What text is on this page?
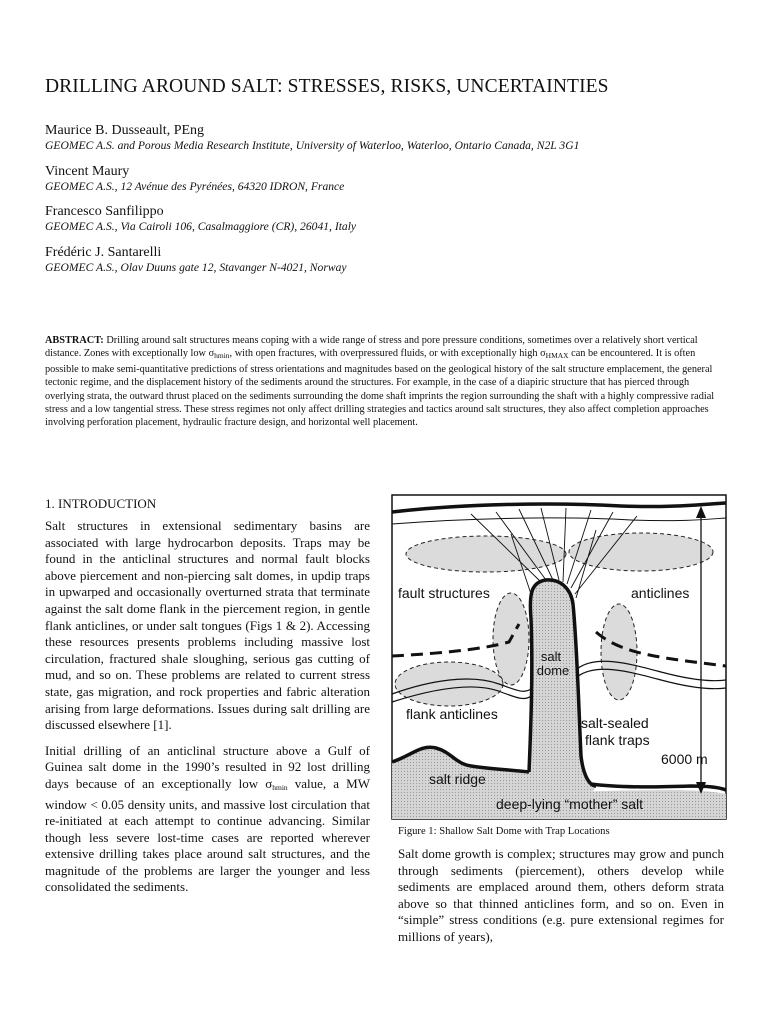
DRILLING AROUND SALT: STRESSES, RISKS, UNCERTAINTIES
Maurice B. Dusseault, PEng
GEOMEC A.S. and Porous Media Research Institute, University of Waterloo, Waterloo, Ontario Canada, N2L 3G1
Vincent Maury
GEOMEC A.S., 12 Avénue des Pyrénées, 64320 IDRON, France
Francesco Sanfilippo
GEOMEC A.S., Via Cairoli 106, Casalmaggiore (CR), 26041, Italy
Frédéric J. Santarelli
GEOMEC A.S., Olav Duuns gate 12, Stavanger N-4021, Norway

ABSTRACT: Drilling around salt structures means coping with a wide range of stress and pore pressure conditions, sometimes over a relatively short vertical distance. Zones with exceptionally low $\sigma_{hmin}$, with open fractures, with overpressured fluids, or with exceptionally high $\sigma_{HMAX}$ can be encountered. It is often possible to make semi-quantitative predictions of stress orientations and magnitudes based on the geological history of the salt structure emplacement, the general tectonic regime, and the displacement history of the sediments around the structures. For example, in the case of a diapiric structure that has pierced through overlying strata, the outward thrust placed on the sediments surrounding the dome shaft imprints the region surrounding the shaft with a highly compressive radial stress and a low tangential stress. These stress regimes not only affect drilling strategies and tactics around salt structures, they also affect completion approaches involving perforation placement, hydraulic fracture design, and horizontal well placement.

1. INTRODUCTION

Salt structures in extensional sedimentary basins are associated with large hydrocarbon deposits. Traps may be found in the anticlinal structures and normal fault blocks above piercement and non-piercing salt domes, in updip traps in upwarped and occasionally overturned strata that terminate against the salt dome flank in the piercement region, in gentle flank anticlines, or under salt tongues (Figs 1 & 2). Accessing these resources presents problems including massive lost circulation, fractured shale sloughing, serious gas cutting of mud, and so on. These problems are related to current stress state, gas migration, and rock properties and fabric alteration arising from large deformations. Issues during salt drilling are discussed elsewhere [1].

Initial drilling of an anticlinal structure above a Gulf of Guinea salt dome in the 1990’s resulted in 92 lost drilling days because of an exceptionally low $\sigma_{hmin}$ value, a MW window < 0.05 density units, and massive lost circulation that re-initiated at each attempt to continue advancing. Similar though less severe lost-time cases are reported wherever extensive drilling takes place around salt structures, and the magnitude of the problems are larger the younger and less consolidated the sediments.

fault structures	anticlines
salt
dome
flank anticlines
salt-sealed
flank traps
6000 m
salt ridge
deep-lying “mother” salt

Figure 1: Shallow Salt Dome with Trap Locations

Salt dome growth is complex; structures may grow and punch through sediments (piercement), others develop while sediments are emplaced around them, others deform strata above so that thinned anticlines form, and so on. Even in “simple” stress conditions (e.g. pure extensional regimes for millions of years),
